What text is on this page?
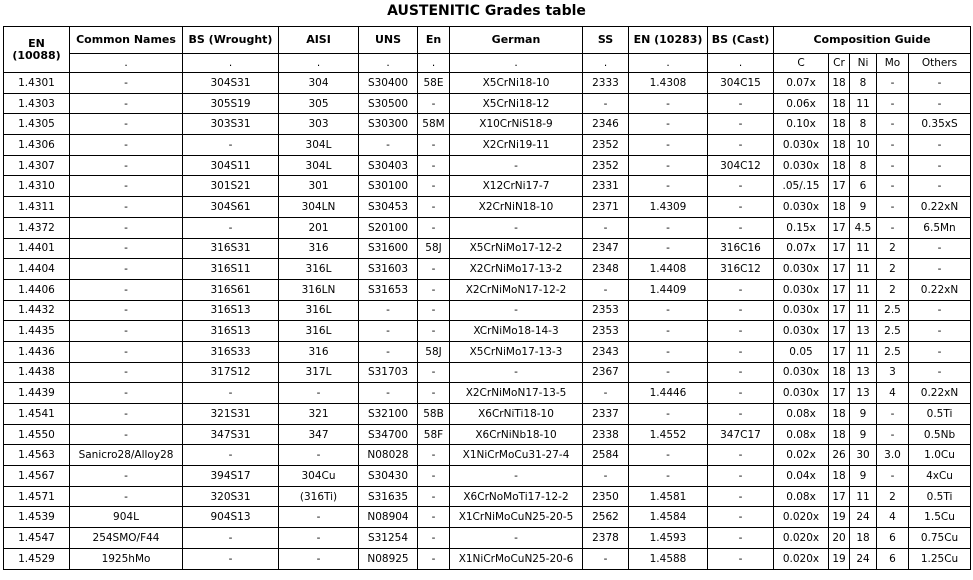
AUSTENITIC Grades table
EN (10088)	Common Names	BS (Wrought)	AISI	UNS	En	German	SS	EN (10283)	BS (Cast)	Composition Guide				
	.	.	.	.	.	.	.	.	.	C	Cr	Ni	Mo	Others
1.4301	-	304S31	304	S30400	58E	X5CrNi18-10	2333	1.4308	304C15	0.07x	18	8	-	-
1.4303	-	305S19	305	S30500	-	X5CrNi18-12	-	-	-	0.06x	18	11	-	-
1.4305	-	303S31	303	S30300	58M	X10CrNiS18-9	2346	-	-	0.10x	18	8	-	0.35xS
1.4306	-	-	304L	-	-	X2CrNi19-11	2352	-	-	0.030x	18	10	-	-
1.4307	-	304S11	304L	S30403	-	-	2352	-	304C12	0.030x	18	8	-	-
1.4310	-	301S21	301	S30100	-	X12CrNi17-7	2331	-	-	.05/.15	17	6	-	-
1.4311	-	304S61	304LN	S30453	-	X2CrNiN18-10	2371	1.4309	-	0.030x	18	9	-	0.22xN
1.4372	-	-	201	S20100	-	-	-	-	-	0.15x	17	4.5	-	6.5Mn
1.4401	-	316S31	316	S31600	58J	X5CrNiMo17-12-2	2347	-	316C16	0.07x	17	11	2	-
1.4404	-	316S11	316L	S31603	-	X2CrNiMo17-13-2	2348	1.4408	316C12	0.030x	17	11	2	-
1.4406	-	316S61	316LN	S31653	-	X2CrNiMoN17-12-2	-	1.4409	-	0.030x	17	11	2	0.22xN
1.4432	-	316S13	316L	-	-	-	2353	-	-	0.030x	17	11	2.5	-
1.4435	-	316S13	316L	-	-	XCrNiMo18-14-3	2353	-	-	0.030x	17	13	2.5	-
1.4436	-	316S33	316	-	58J	X5CrNiMo17-13-3	2343	-	-	0.05	17	11	2.5	-
1.4438	-	317S12	317L	S31703	-	-	2367	-	-	0.030x	18	13	3	-
1.4439	-	-	-	-	-	X2CrNiMoN17-13-5	-	1.4446	-	0.030x	17	13	4	0.22xN
1.4541	-	321S31	321	S32100	58B	X6CrNiTi18-10	2337	-	-	0.08x	18	9	-	0.5Ti
1.4550	-	347S31	347	S34700	58F	X6CrNiNb18-10	2338	1.4552	347C17	0.08x	18	9	-	0.5Nb
1.4563	Sanicro28/Alloy28	-	-	N08028	-	X1NiCrMoCu31-27-4	2584	-	-	0.02x	26	30	3.0	1.0Cu
1.4567	-	394S17	304Cu	S30430	-	-	-	-	-	0.04x	18	9	-	4xCu
1.4571	-	320S31	(316Ti)	S31635	-	X6CrNoMoTi17-12-2	2350	1.4581	-	0.08x	17	11	2	0.5Ti
1.4539	904L	904S13	-	N08904	-	X1CrNiMoCuN25-20-5	2562	1.4584	-	0.020x	19	24	4	1.5Cu
1.4547	254SMO/F44	-	-	S31254	-	-	2378	1.4593	-	0.020x	20	18	6	0.75Cu
1.4529	1925hMo	-	-	N08925	-	X1NiCrMoCuN25-20-6	-	1.4588	-	0.020x	19	24	6	1.25Cu
